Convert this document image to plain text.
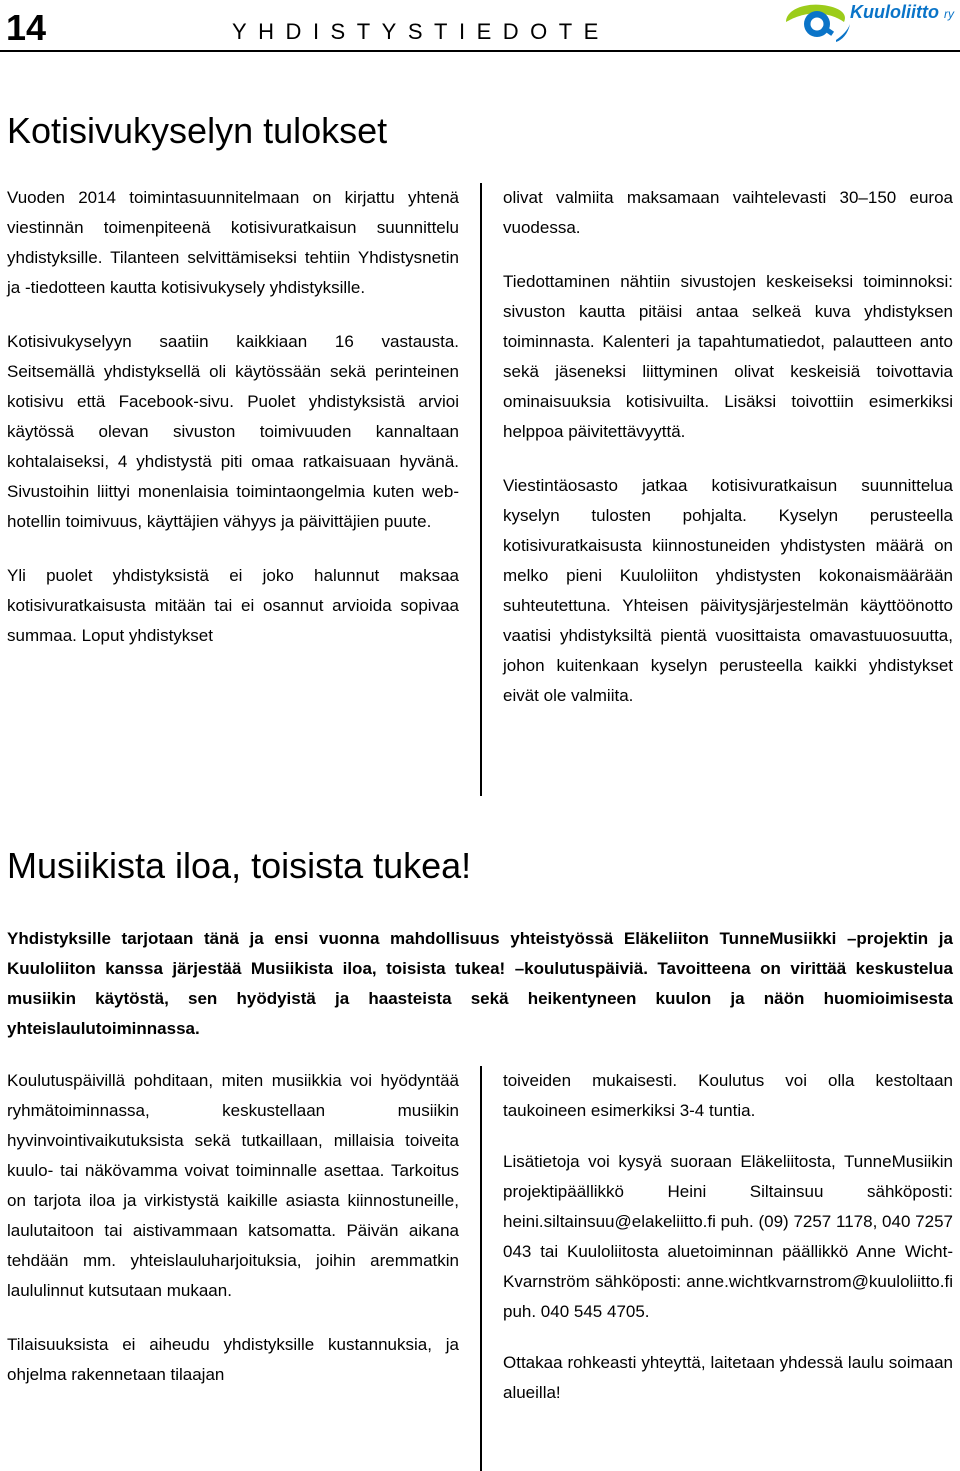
14	YHDISTYSTIEDOTE
Kuuloliitto ry
Kotisivukyselyn tulokset

Vuoden 2014 toimintasuunnitelmaan on kirjattu yhtenä viestinnän toimenpiteenä kotisivuratkaisun suunnittelu yhdistyksille. Tilanteen selvittämiseksi tehtiin Yhdistysnetin ja -tiedotteen kautta kotisivukysely yhdistyksille.

Kotisivukyselyyn saatiin kaikkiaan 16 vastausta. Seitsemällä yhdistyksellä oli käytössään sekä perinteinen kotisivu että Facebook-sivu. Puolet yhdistyksistä arvioi käytössä olevan sivuston toimivuuden kannaltaan kohtalaiseksi, 4 yhdistystä piti omaa ratkaisuaan hyvänä. Sivustoihin liittyi monenlaisia toimintaongelmia kuten web-hotellin toimivuus, käyttäjien vähyys ja päivittäjien puute.

Yli puolet yhdistyksistä ei joko halunnut maksaa kotisivuratkaisusta mitään tai ei osannut arvioida sopivaa summaa. Loput yhdistykset

olivat valmiita maksamaan vaihtelevasti 30–150 euroa vuodessa.

Tiedottaminen nähtiin sivustojen keskeiseksi toiminnoksi: sivuston kautta pitäisi antaa selkeä kuva yhdistyksen toiminnasta. Kalenteri ja tapahtumatiedot, palautteen anto sekä jäseneksi liittyminen olivat keskeisiä toivottavia ominaisuuksia kotisivuilta. Lisäksi toivottiin esimerkiksi helppoa päivitettävyyttä.

Viestintäosasto jatkaa kotisivuratkaisun suunnittelua kyselyn tulosten pohjalta. Kyselyn perusteella kotisivuratkaisusta kiinnostuneiden yhdistysten määrä on melko pieni Kuuloliiton yhdistysten kokonaismäärään suhteutettuna. Yhteisen päivitysjärjestelmän käyttöönotto vaatisi yhdistyksiltä pientä vuosittaista omavastuuosuutta, johon kuitenkaan kyselyn perusteella kaikki yhdistykset eivät ole valmiita.

Musiikista iloa, toisista tukea!
Yhdistyksille tarjotaan tänä ja ensi vuonna mahdollisuus yhteistyössä Eläkeliiton TunneMusiikki –projektin ja Kuuloliiton kanssa järjestää Musiikista iloa, toisista tukea! –koulutuspäiviä. Tavoitteena on virittää keskustelua musiikin käytöstä, sen hyödyistä ja haasteista sekä heikentyneen kuulon ja näön huomioimisesta yhteislaulutoiminnassa.

Koulutuspäivillä pohditaan, miten musiikkia voi hyödyntää ryhmätoiminnassa, keskustellaan musiikin hyvinvointivaikutuksista sekä tutkaillaan, millaisia toiveita kuulo- tai näkövamma voivat toiminnalle asettaa. Tarkoitus on tarjota iloa ja virkistystä kaikille asiasta kiinnostuneille, laulutaitoon tai aistivammaan katsomatta. Päivän aikana tehdään mm. yhteislauluharjoituksia, joihin aremmatkin laululinnut kutsutaan mukaan.

Tilaisuuksista ei aiheudu yhdistyksille kustannuksia, ja ohjelma rakennetaan tilaajan

toiveiden mukaisesti. Koulutus voi olla kestoltaan taukoineen esimerkiksi 3-4 tuntia.

Lisätietoja voi kysyä suoraan Eläkeliitosta, TunneMusiikin projektipäällikkö Heini Siltainsuu sähköposti: heini.siltainsuu@elakeliitto.fi puh. (09) 7257 1178, 040 7257 043 tai Kuuloliitosta aluetoiminnan päällikkö Anne Wicht-Kvarnström sähköposti: anne.wichtkvarnstrom@kuuloliitto.fi puh. 040 545 4705.

Ottakaa rohkeasti yhteyttä, laitetaan yhdessä laulu soimaan alueilla!
